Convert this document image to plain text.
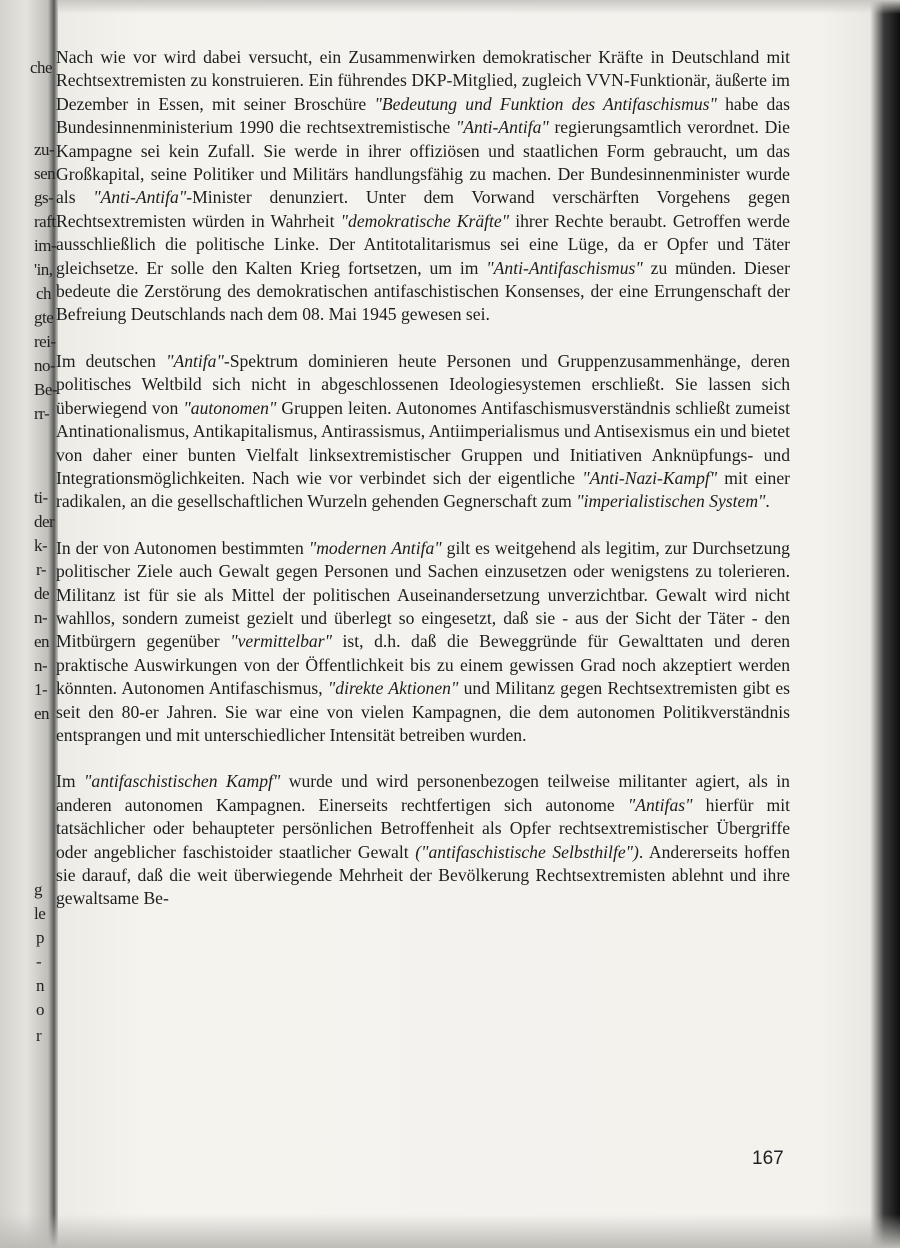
che
zu-
sen
gs-
raft
im-
'in,
ch
gte
rei-
no-
Be-
rr-
ti-
der
k-
r-
de
n-
en
n-
1-
en
g
le
p
-
n
o
r

Nach wie vor wird dabei versucht, ein Zusammenwirken demokratischer Kräfte in Deutschland mit Rechtsextremisten zu konstruieren. Ein führendes DKP-Mitglied, zugleich VVN-Funktionär, äußerte im Dezember in Essen, mit seiner Broschüre "Bedeutung und Funktion des Antifaschismus" habe das Bundesinnenministerium 1990 die rechtsextremistische "Anti-Antifa" regierungsamtlich verordnet. Die Kampagne sei kein Zufall. Sie werde in ihrer offiziösen und staatlichen Form gebraucht, um das Großkapital, seine Politiker und Militärs handlungsfähig zu machen. Der Bundesinnenminister wurde als "Anti-Antifa"-Minister denunziert. Unter dem Vorwand verschärften Vorgehens gegen Rechtsextremisten würden in Wahrheit "demokratische Kräfte" ihrer Rechte beraubt. Getroffen werde ausschließlich die politische Linke. Der Antitotalitarismus sei eine Lüge, da er Opfer und Täter gleichsetze. Er solle den Kalten Krieg fortsetzen, um im "Anti-Antifaschismus" zu münden. Dieser bedeute die Zerstörung des demokratischen antifaschistischen Konsenses, der eine Errungenschaft der Befreiung Deutschlands nach dem 08. Mai 1945 gewesen sei.

Im deutschen "Antifa"-Spektrum dominieren heute Personen und Gruppenzusammenhänge, deren politisches Weltbild sich nicht in abgeschlossenen Ideologiesystemen erschließt. Sie lassen sich überwiegend von "autonomen" Gruppen leiten. Autonomes Antifaschismusverständnis schließt zumeist Antinationalismus, Antikapitalismus, Antirassismus, Antiimperialismus und Antisexismus ein und bietet von daher einer bunten Vielfalt linksextremistischer Gruppen und Initiativen Anknüpfungs- und Integrationsmöglichkeiten. Nach wie vor verbindet sich der eigentliche "Anti-Nazi-Kampf" mit einer radikalen, an die gesellschaftlichen Wurzeln gehenden Gegnerschaft zum "imperialistischen System".

In der von Autonomen bestimmten "modernen Antifa" gilt es weitgehend als legitim, zur Durchsetzung politischer Ziele auch Gewalt gegen Personen und Sachen einzusetzen oder wenigstens zu tolerieren. Militanz ist für sie als Mittel der politischen Auseinandersetzung unverzichtbar. Gewalt wird nicht wahllos, sondern zumeist gezielt und überlegt so eingesetzt, daß sie - aus der Sicht der Täter - den Mitbürgern gegenüber "vermittelbar" ist, d.h. daß die Beweggründe für Gewalttaten und deren praktische Auswirkungen von der Öffentlichkeit bis zu einem gewissen Grad noch akzeptiert werden könnten. Autonomen Antifaschismus, "direkte Aktionen" und Militanz gegen Rechtsextremisten gibt es seit den 80-er Jahren. Sie war eine von vielen Kampagnen, die dem autonomen Politikverständnis entsprangen und mit unterschiedlicher Intensität betreiben wurden.

Im "antifaschistischen Kampf" wurde und wird personenbezogen teilweise militanter agiert, als in anderen autonomen Kampagnen. Einerseits rechtfertigen sich autonome "Antifas" hierfür mit tatsächlicher oder behaupteter persönlichen Betroffenheit als Opfer rechtsextremistischer Übergriffe oder angeblicher faschistoider staatlicher Gewalt ("antifaschistische Selbsthilfe"). Andererseits hoffen sie darauf, daß die weit überwiegende Mehrheit der Bevölkerung Rechtsextremisten ablehnt und ihre gewaltsame Be-

167
